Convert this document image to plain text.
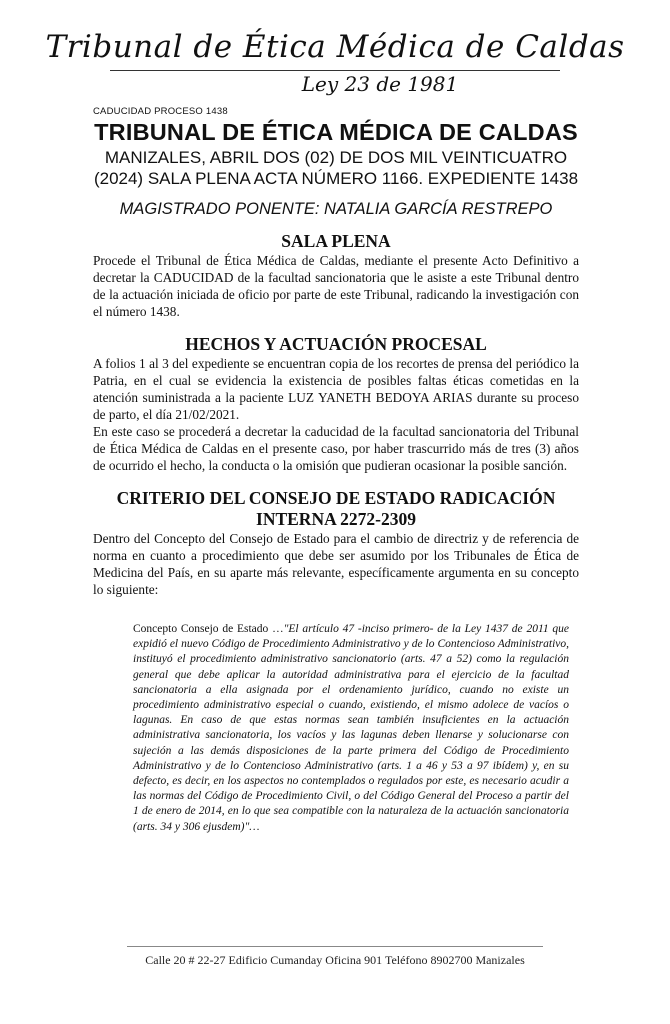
Tribunal de Ética Médica de Caldas
Ley 23 de 1981
CADUCIDAD PROCESO 1438
TRIBUNAL DE ÉTICA MÉDICA DE CALDAS
MANIZALES, ABRIL DOS (02) DE DOS MIL VEINTICUATRO (2024) SALA PLENA ACTA NÚMERO 1166. EXPEDIENTE 1438
MAGISTRADO PONENTE: NATALIA GARCÍA RESTREPO
SALA PLENA

Procede el Tribunal de Ética Médica de Caldas, mediante el presente Acto Definitivo a decretar la CADUCIDAD de la facultad sancionatoria que le asiste a este Tribunal dentro de la actuación iniciada de oficio por parte de este Tribunal, radicando la investigación con el número 1438.

HECHOS Y ACTUACIÓN PROCESAL

A folios 1 al 3 del expediente se encuentran copia de los recortes de prensa del periódico la Patria, en el cual se evidencia la existencia de posibles faltas éticas cometidas en la atención suministrada a la paciente LUZ YANETH BEDOYA ARIAS durante su proceso de parto, el día 21/02/2021.

En este caso se procederá a decretar la caducidad de la facultad sancionatoria del Tribunal de Ética Médica de Caldas en el presente caso, por haber trascurrido más de tres (3) años de ocurrido el hecho, la conducta o la omisión que pudieran ocasionar la posible sanción.

CRITERIO DEL CONSEJO DE ESTADO RADICACIÓN INTERNA 2272-2309

Dentro del Concepto del Consejo de Estado para el cambio de directriz y de referencia de norma en cuanto a procedimiento que debe ser asumido por los Tribunales de Ética de Medicina del País, en su aparte más relevante, específicamente argumenta en su concepto lo siguiente:

Concepto Consejo de Estado …"El artículo 47 -inciso primero- de la Ley 1437 de 2011 que expidió el nuevo Código de Procedimiento Administrativo y de lo Contencioso Administrativo, instituyó el procedimiento administrativo sancionatorio (arts. 47 a 52) como la regulación general que debe aplicar la autoridad administrativa para el ejercicio de la facultad sancionatoria a ella asignada por el ordenamiento jurídico, cuando no existe un procedimiento administrativo especial o cuando, existiendo, el mismo adolece de vacíos o lagunas. En caso de que estas normas sean también insuficientes en la actuación administrativa sancionatoria, los vacíos y las lagunas deben llenarse y solucionarse con sujeción a las demás disposiciones de la parte primera del Código de Procedimiento Administrativo y de lo Contencioso Administrativo (arts. 1 a 46 y 53 a 97 ibídem) y, en su defecto, es decir, en los aspectos no contemplados o regulados por este, es necesario acudir a las normas del Código de Procedimiento Civil, o del Código General del Proceso a partir del 1 de enero de 2014, en lo que sea compatible con la naturaleza de la actuación sancionatoria (arts. 34 y 306 ejusdem)"…
Calle 20 # 22-27 Edificio Cumanday Oficina 901 Teléfono 8902700 Manizales
